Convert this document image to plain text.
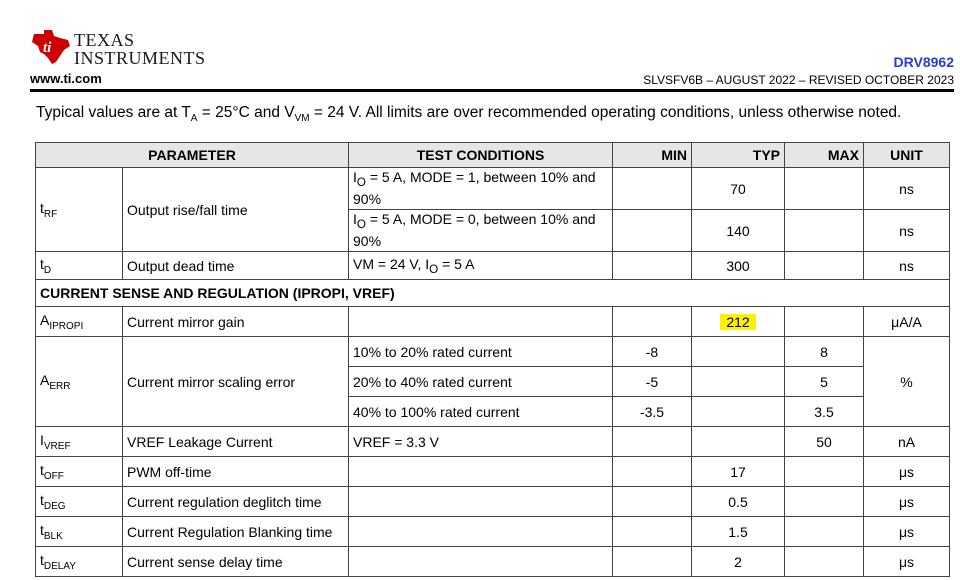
ti TEXAS
INSTRUMENTS
www.ti.com
DRV8962
SLVSFV6B – AUGUST 2022 – REVISED OCTOBER 2023
Typical values are at $T_A = 25^\circ C$ and $V_{VM} = 24$ V. All limits are over recommended operating conditions, unless otherwise noted.
PARAMETER		TEST CONDITIONS	MIN	TYP	MAX	UNIT
$t_{RF}$	Output rise/fall time	$I_O = 5$ A, MODE = 1, between 10% and 90%		70		ns
		$I_O = 5$ A, MODE = 0, between 10% and 90%		140		ns
$t_D$	Output dead time	VM = 24 V, $I_O = 5$ A		300		ns
CURRENT SENSE AND REGULATION (IPROPI, VREF)						
$A_{IPROPI}$	Current mirror gain			212		μA/A
$A_{ERR}$	Current mirror scaling error	10% to 20% rated current	-8		8	%
		20% to 40% rated current	-5		5	
		40% to 100% rated current	-3.5		3.5	
$I_{VREF}$	VREF Leakage Current	VREF = 3.3 V			50	nA
$t_{OFF}$	PWM off-time			17		μs
$t_{DEG}$	Current regulation deglitch time			0.5		μs
$t_{BLK}$	Current Regulation Blanking time			1.5		μs
$t_{DELAY}$	Current sense delay time			2		μs
